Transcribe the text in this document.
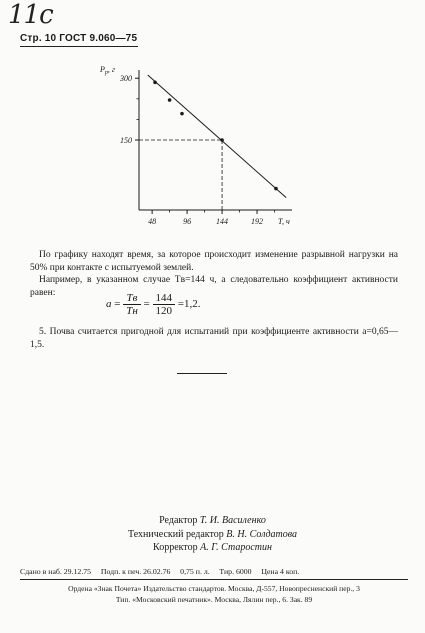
11с
Стр. 10 ГОСТ 9.060—75
48	96	144	192 Т, ч
150
300
$Р_р$, г
По графику находят время, за которое происходит изменение разрывной нагрузки на 50% при контакте с испытуемой землей.
Например, в указанном случае Tв=144 ч, а следовательно коэффициент активности равен:
$a = \frac{Tв}{Tн} = \frac{144}{120} =1,2$.
5. Почва считается пригодной для испытаний при коэффициенте активности a=0,65—1,5.
Редактор Т. И. Василенко
Технический редактор В. Н. Солдатова
Корректор А. Г. Старостин
Сдано в наб. 29.12.75     Подп. к печ. 26.02.76     0,75 п. л.     Тир. 6000     Цена 4 коп.
Ордена «Знак Почета» Издательство стандартов. Москва, Д-557, Новопресненский пер., 3
Тип. «Московский печатник». Москва, Лялин пер., 6. Зак. 89
